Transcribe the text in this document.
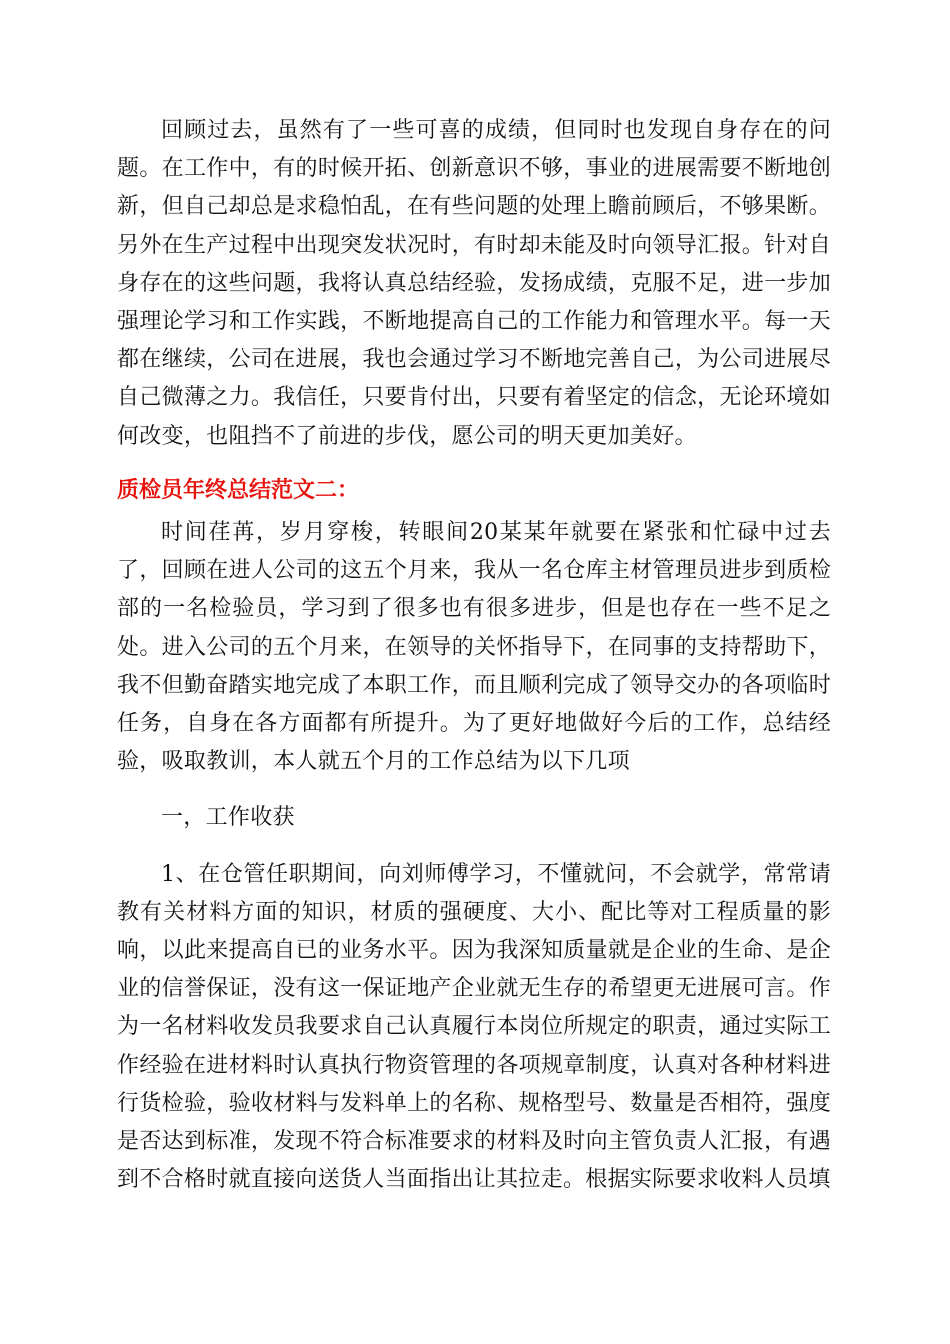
回顾过去，虽然有了一些可喜的成绩，但同时也发现自身存在的问题。在工作中，有的时候开拓、创新意识不够，事业的进展需要不断地创新，但自己却总是求稳怕乱，在有些问题的处理上瞻前顾后，不够果断。另外在生产过程中出现突发状况时，有时却未能及时向领导汇报。针对自身存在的这些问题，我将认真总结经验，发扬成绩，克服不足，进一步加强理论学习和工作实践，不断地提高自己的工作能力和管理水平。每一天都在继续，公司在进展，我也会通过学习不断地完善自己，为公司进展尽自己微薄之力。我信任，只要肯付出，只要有着坚定的信念，无论环境如何改变，也阻挡不了前进的步伐，愿公司的明天更加美好。

质检员年终总结范文二：

时间荏苒，岁月穿梭，转眼间20某某年就要在紧张和忙碌中过去了，回顾在进人公司的这五个月来，我从一名仓库主材管理员进步到质检部的一名检验员，学习到了很多也有很多进步，但是也存在一些不足之处。进入公司的五个月来，在领导的关怀指导下，在同事的支持帮助下，我不但勤奋踏实地完成了本职工作，而且顺利完成了领导交办的各项临时任务，自身在各方面都有所提升。为了更好地做好今后的工作，总结经验，吸取教训，本人就五个月的工作总结为以下几项

一，工作收获

1、在仓管任职期间，向刘师傅学习，不懂就问，不会就学，常常请教有关材料方面的知识，材质的强硬度、大小、配比等对工程质量的影响，以此来提高自已的业务水平。因为我深知质量就是企业的生命、是企业的信誉保证，没有这一保证地产企业就无生存的希望更无进展可言。作为一名材料收发员我要求自己认真履行本岗位所规定的职责，通过实际工作经验在进材料时认真执行物资管理的各项规章制度，认真对各种材料进行货检验，验收材料与发料单上的名称、规格型号、数量是否相符，强度是否达到标准，发现不符合标准要求的材料及时向主管负责人汇报，有遇到不合格时就直接向送货人当面指出让其拉走。根据实际要求收料人员填
